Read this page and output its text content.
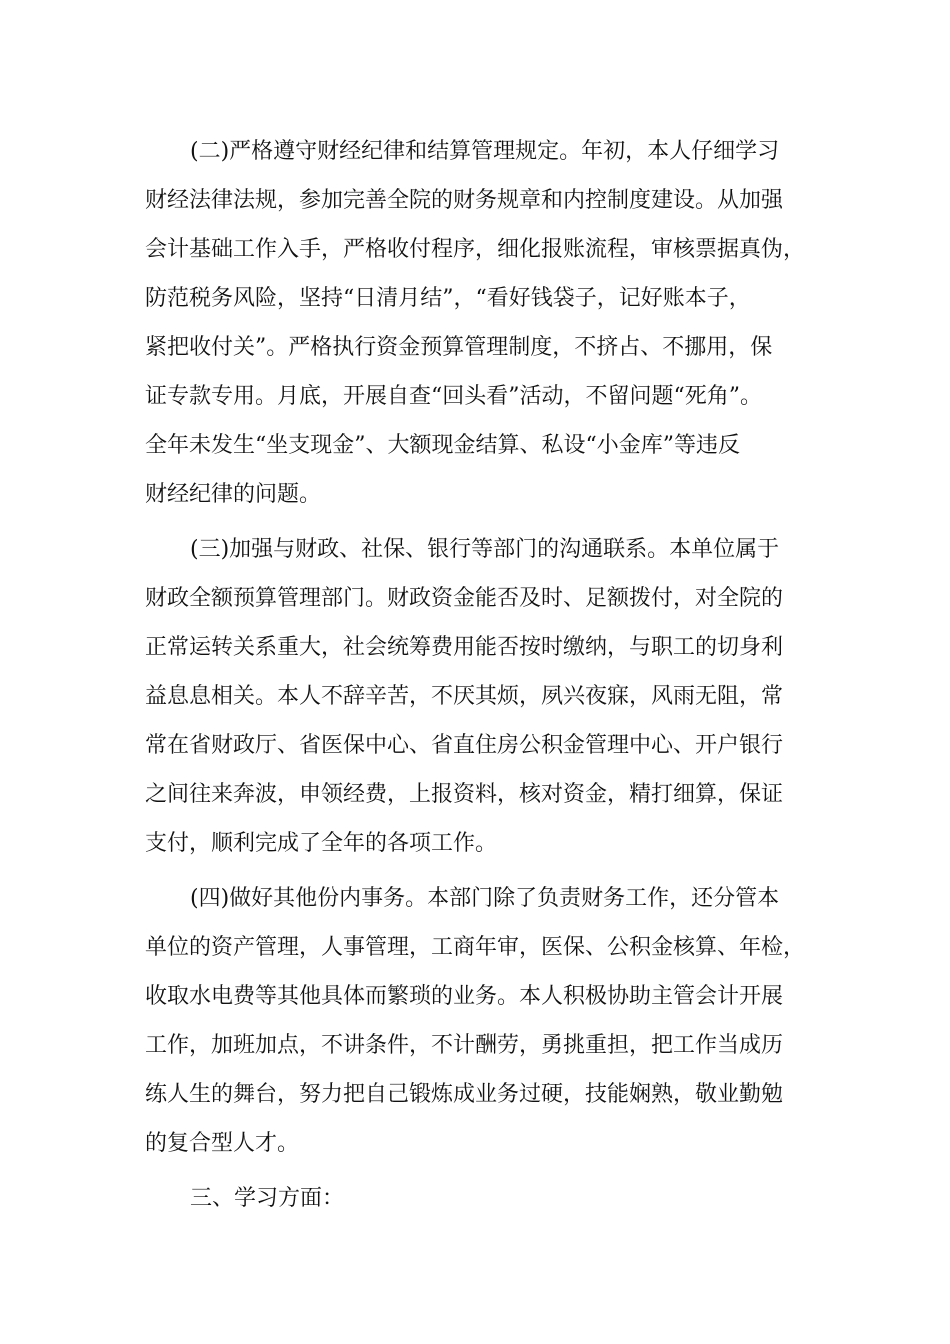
(二)严格遵守财经纪律和结算管理规定。年初，本人仔细学习

财经法律法规，参加完善全院的财务规章和内控制度建设。从加强

会计基础工作入手，严格收付程序，细化报账流程，审核票据真伪，

防范税务风险，坚持“日清月结”，“看好钱袋子，记好账本子，

紧把收付关”。严格执行资金预算管理制度，不挤占、不挪用，保

证专款专用。月底，开展自查“回头看”活动，不留问题“死角”。

全年未发生“坐支现金”、大额现金结算、私设“小金库”等违反

财经纪律的问题。

(三)加强与财政、社保、银行等部门的沟通联系。本单位属于

财政全额预算管理部门。财政资金能否及时、足额拨付，对全院的

正常运转关系重大，社会统筹费用能否按时缴纳，与职工的切身利

益息息相关。本人不辞辛苦，不厌其烦，夙兴夜寐，风雨无阻，常

常在省财政厅、省医保中心、省直住房公积金管理中心、开户银行

之间往来奔波，申领经费，上报资料，核对资金，精打细算，保证

支付，顺利完成了全年的各项工作。

(四)做好其他份内事务。本部门除了负责财务工作，还分管本

单位的资产管理，人事管理，工商年审，医保、公积金核算、年检，

收取水电费等其他具体而繁琐的业务。本人积极协助主管会计开展

工作，加班加点，不讲条件，不计酬劳，勇挑重担，把工作当成历

练人生的舞台，努力把自己锻炼成业务过硬，技能娴熟，敬业勤勉

的复合型人才。

三、学习方面：
